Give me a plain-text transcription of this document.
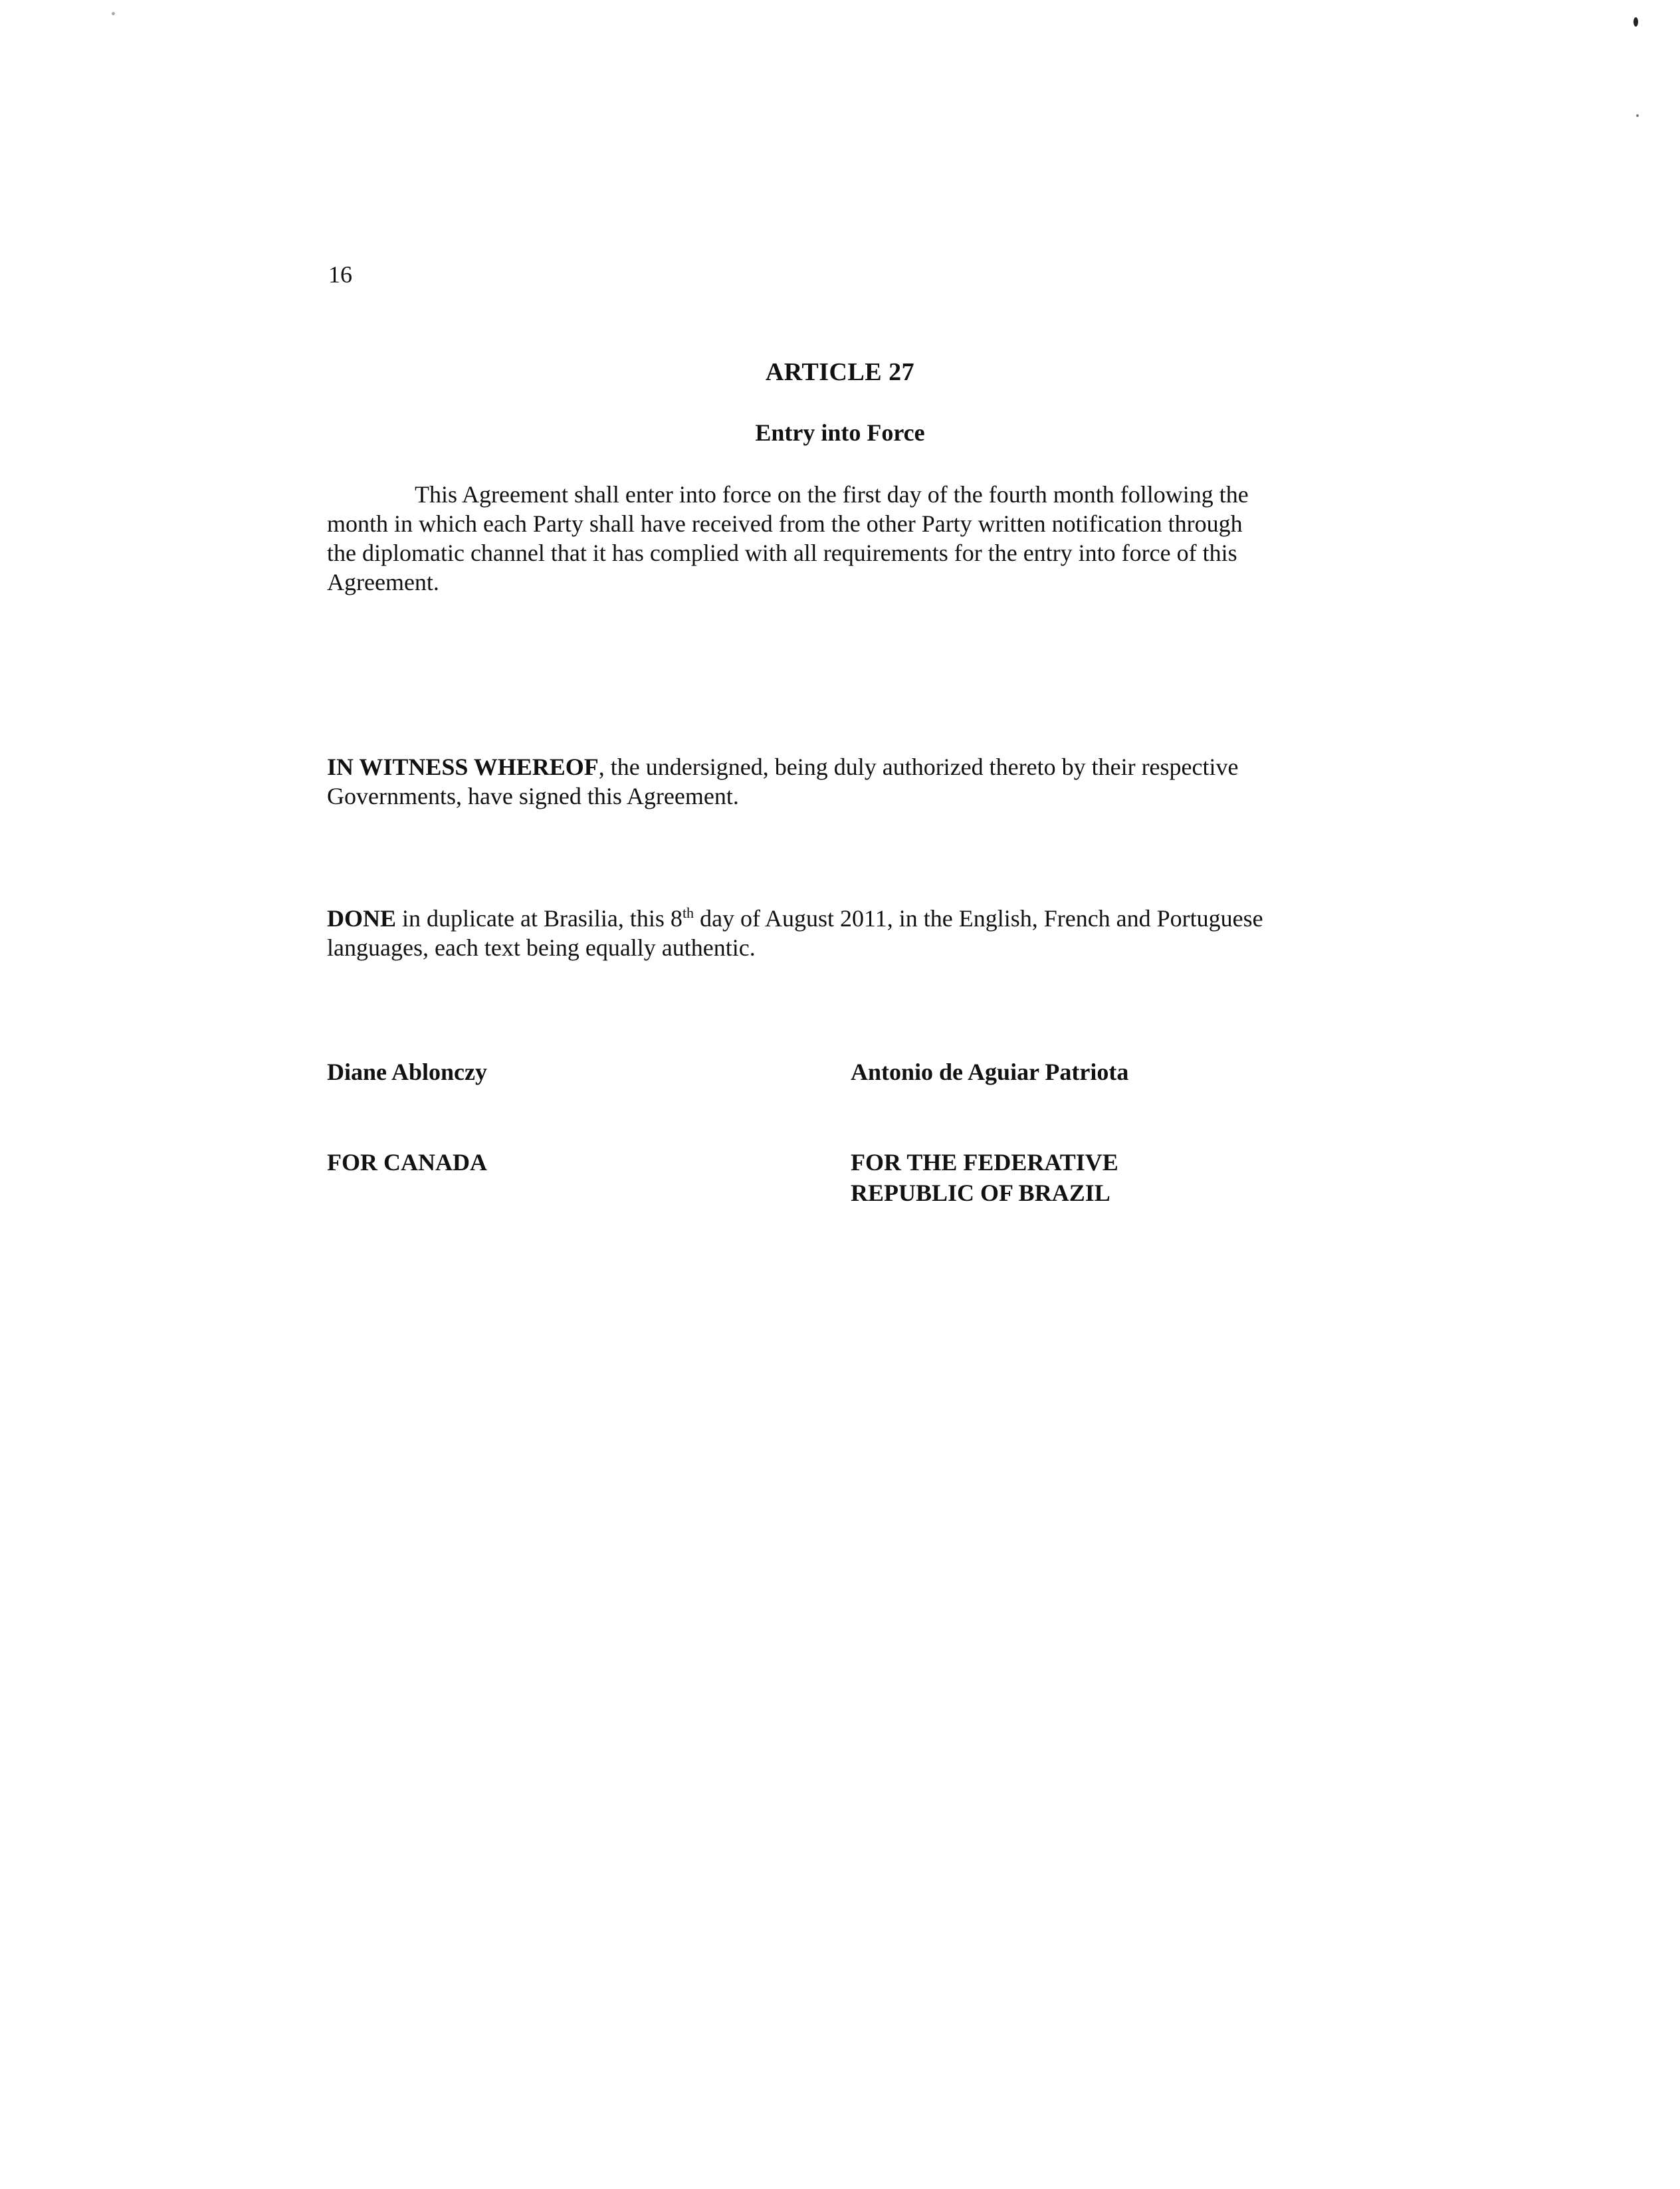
16
ARTICLE 27
Entry into Force
This Agreement shall enter into force on the first day of the fourth month following the
month in which each Party shall have received from the other Party written notification through
the diplomatic channel that it has complied with all requirements for the entry into force of this
Agreement.
IN WITNESS WHEREOF, the undersigned, being duly authorized thereto by their respective
Governments, have signed this Agreement.
DONE in duplicate at Brasilia, this 8th day of August 2011, in the English, French and Portuguese
languages, each text being equally authentic.
Diane Ablonczy	Antonio de Aguiar Patriota
FOR CANADA	FOR THE FEDERATIVE
REPUBLIC OF BRAZIL
